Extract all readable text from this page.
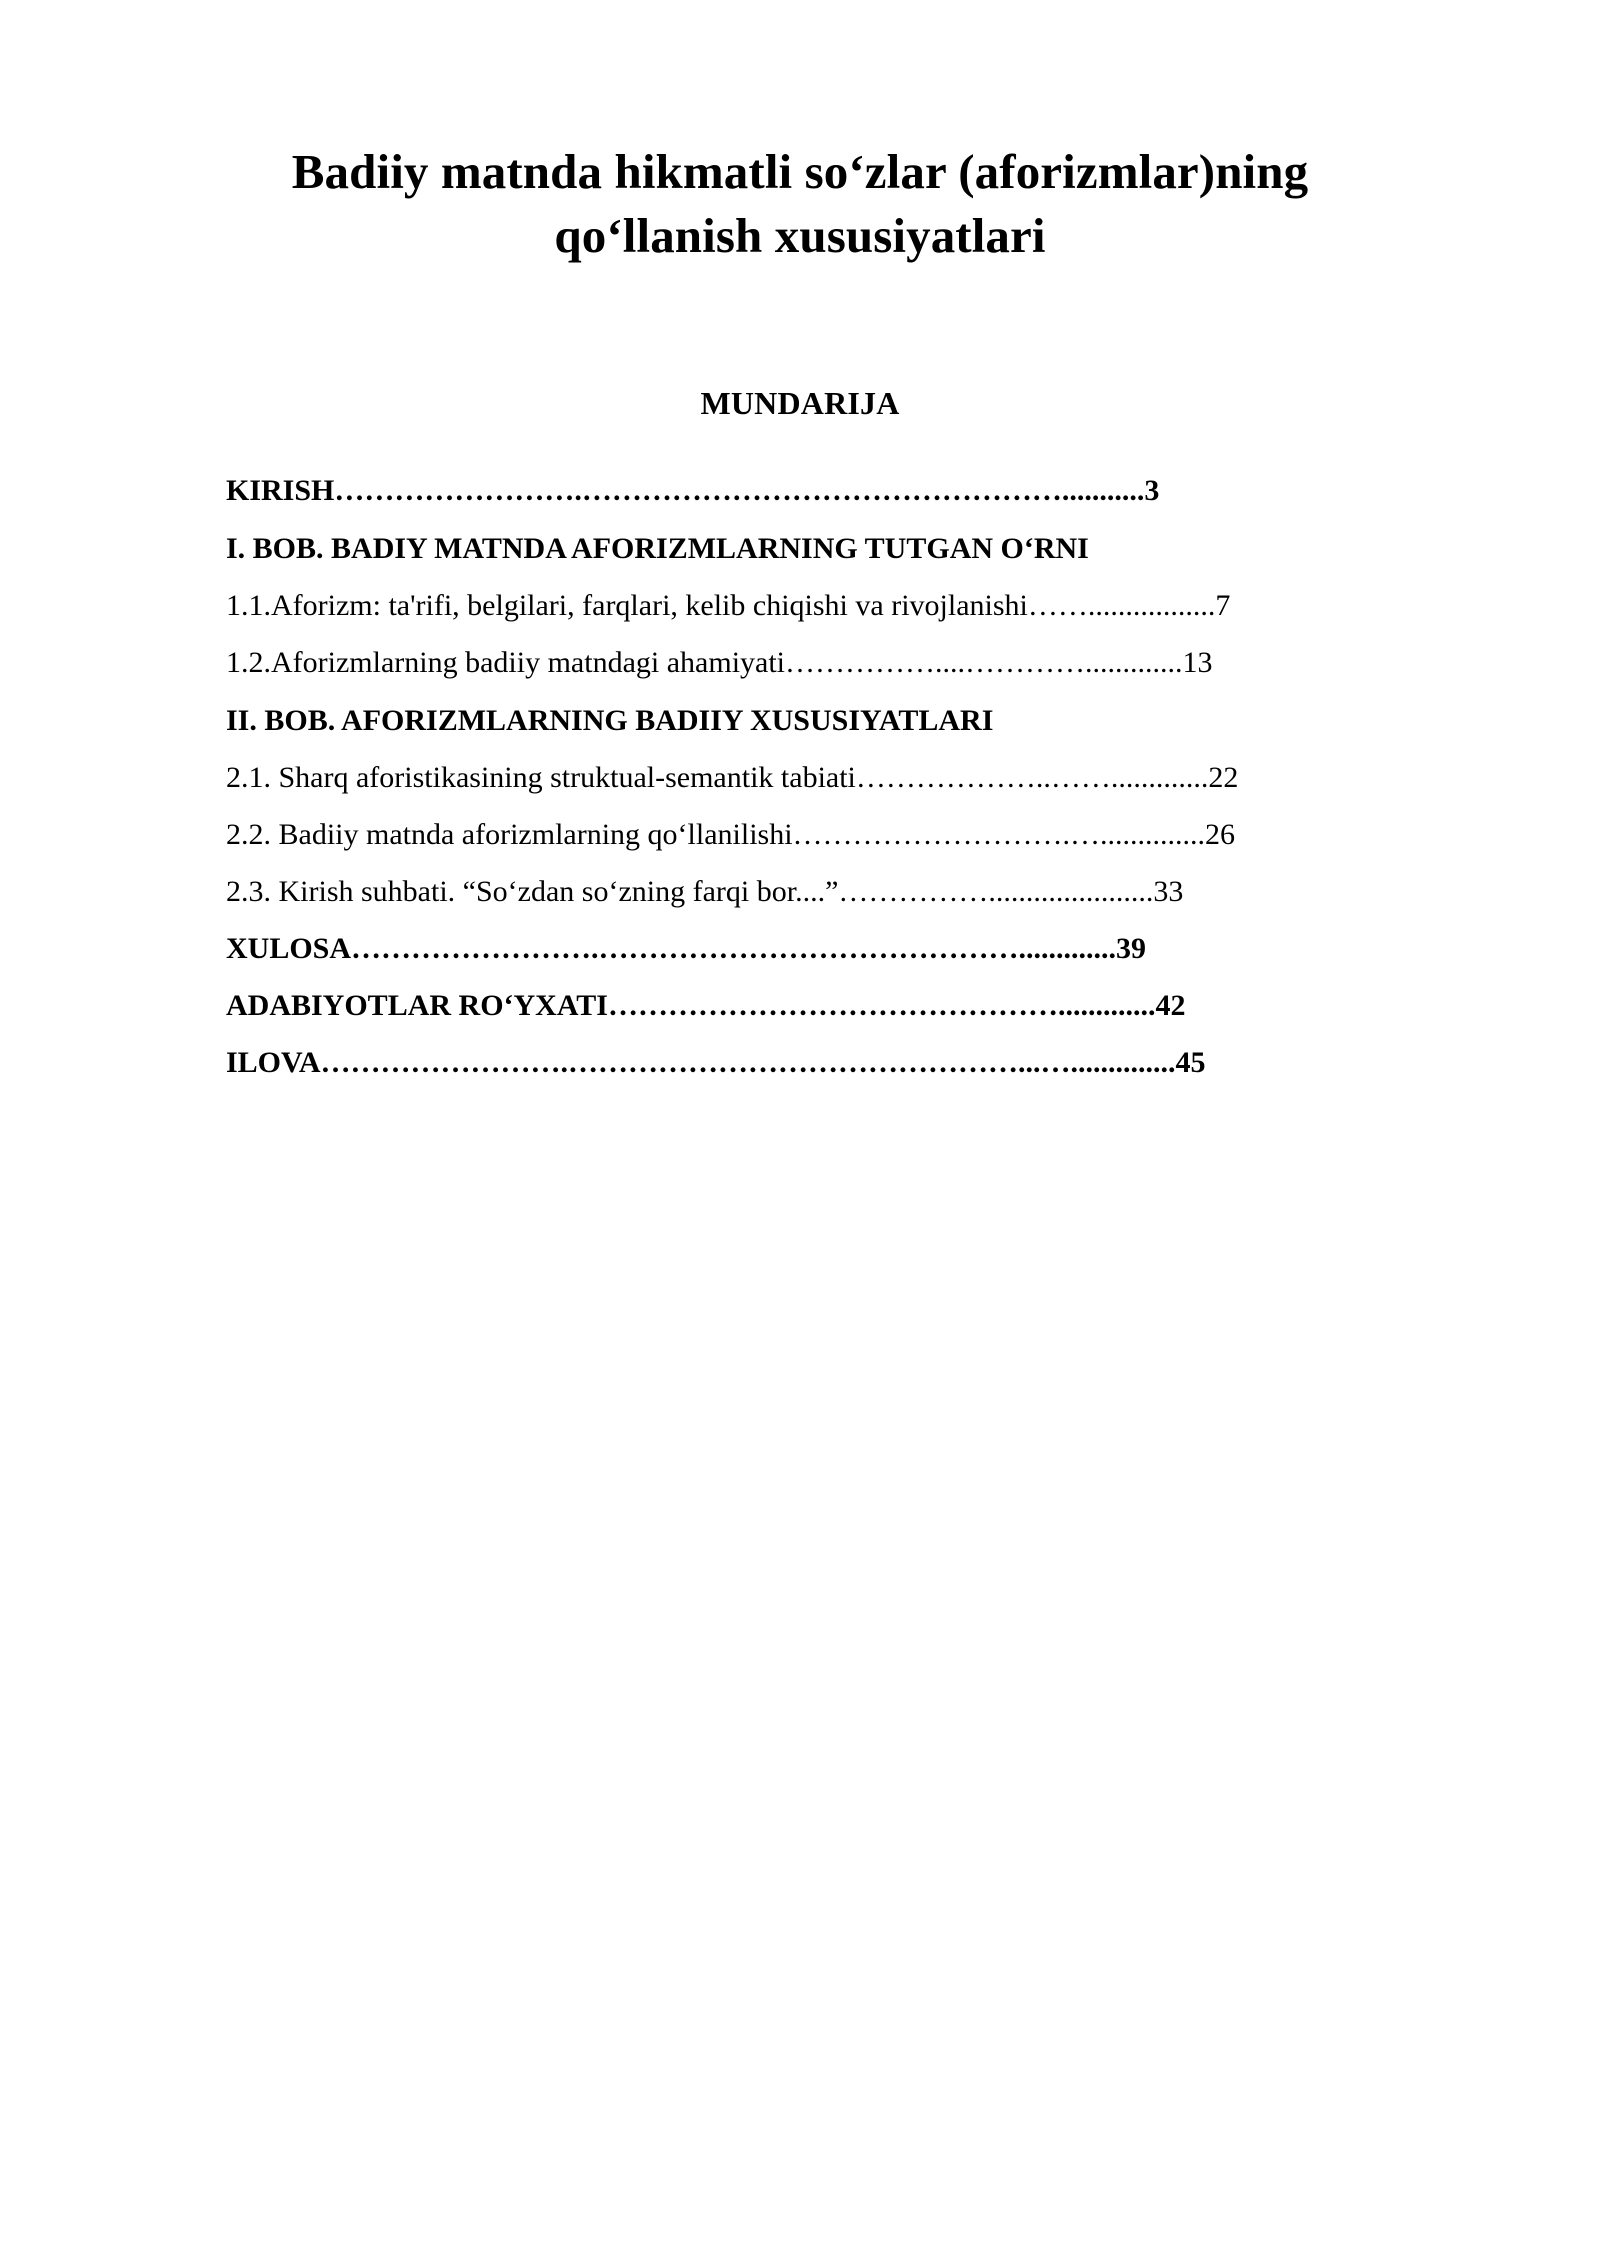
Badiiy matnda hikmatli so‘zlar (aforizmlar)ning qo‘llanish xususiyatlari
MUNDARIJA
KIRISH…………………….…………………………………………...........3
I. BOB. BADIY MATNDA AFORIZMLARNING TUTGAN O‘RNI
1.1.Aforizm: ta'rifi, belgilari, farqlari, kelib chiqishi va rivojlanishi…….................7
1.2.Aforizmlarning badiiy matndagi ahamiyati……………....………….............13
II. BOB. AFORIZMLARNING BADIIY XUSUSIYATLARI
2.1. Sharq aforistikasining struktual-semantik tabiati………………..…….............22
2.2. Badiiy matnda aforizmlarning qo‘llanilishi……………………….…..............26
2.3. Kirish suhbati. “So‘zdan so‘zning farqi bor....”……………......................33
XULOSA…………………….…………………………………….............39
ADABIYOTLAR RO‘YXATI……………………………………….............42
ILOVA…………………….………………………………………...…..............45
